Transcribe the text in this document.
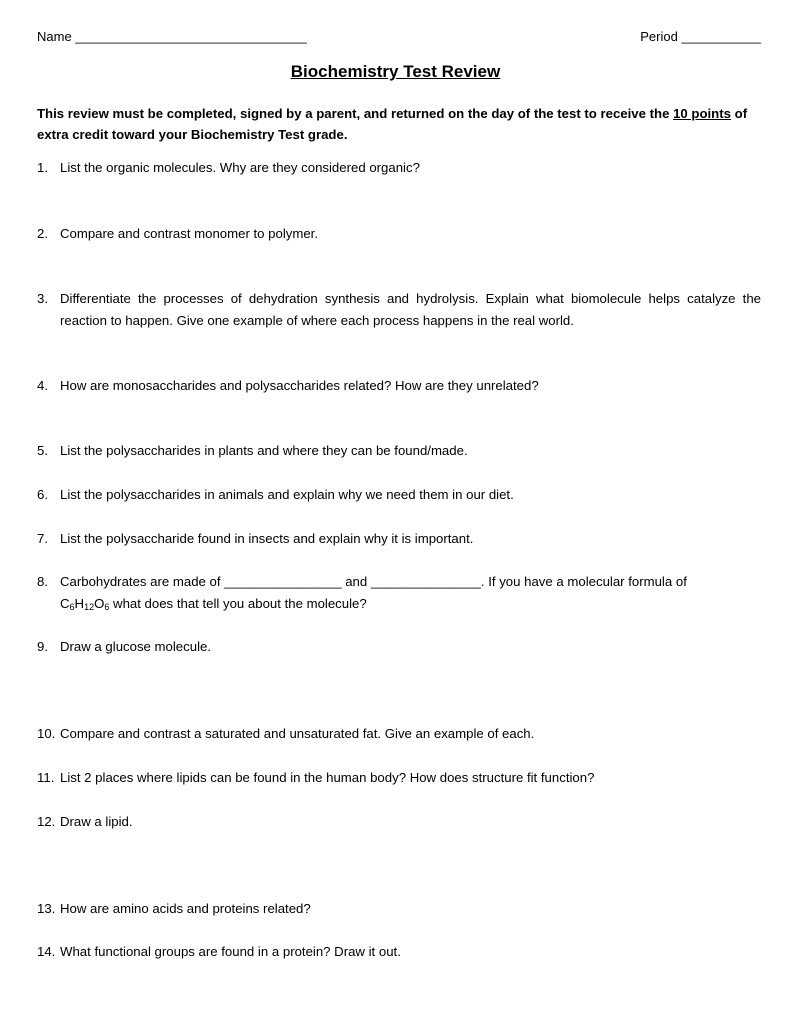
Name ________________________________	Period ___________
Biochemistry Test Review
This review must be completed, signed by a parent, and returned on the day of the test to receive the 10 points of extra credit toward your Biochemistry Test grade.
1. List the organic molecules. Why are they considered organic?
2. Compare and contrast monomer to polymer.
3. Differentiate the processes of dehydration synthesis and hydrolysis. Explain what biomolecule helps catalyze the reaction to happen. Give one example of where each process happens in the real world.
4. How are monosaccharides and polysaccharides related? How are they unrelated?
5. List the polysaccharides in plants and where they can be found/made.
6. List the polysaccharides in animals and explain why we need them in our diet.
7. List the polysaccharide found in insects and explain why it is important.
8. Carbohydrates are made of ________________ and _______________. If you have a molecular formula of
$C_6H_{12}O_6$ what does that tell you about the molecule?
9. Draw a glucose molecule.
10. Compare and contrast a saturated and unsaturated fat. Give an example of each.
11. List 2 places where lipids can be found in the human body? How does structure fit function?
12. Draw a lipid.
13. How are amino acids and proteins related?
14. What functional groups are found in a protein? Draw it out.
